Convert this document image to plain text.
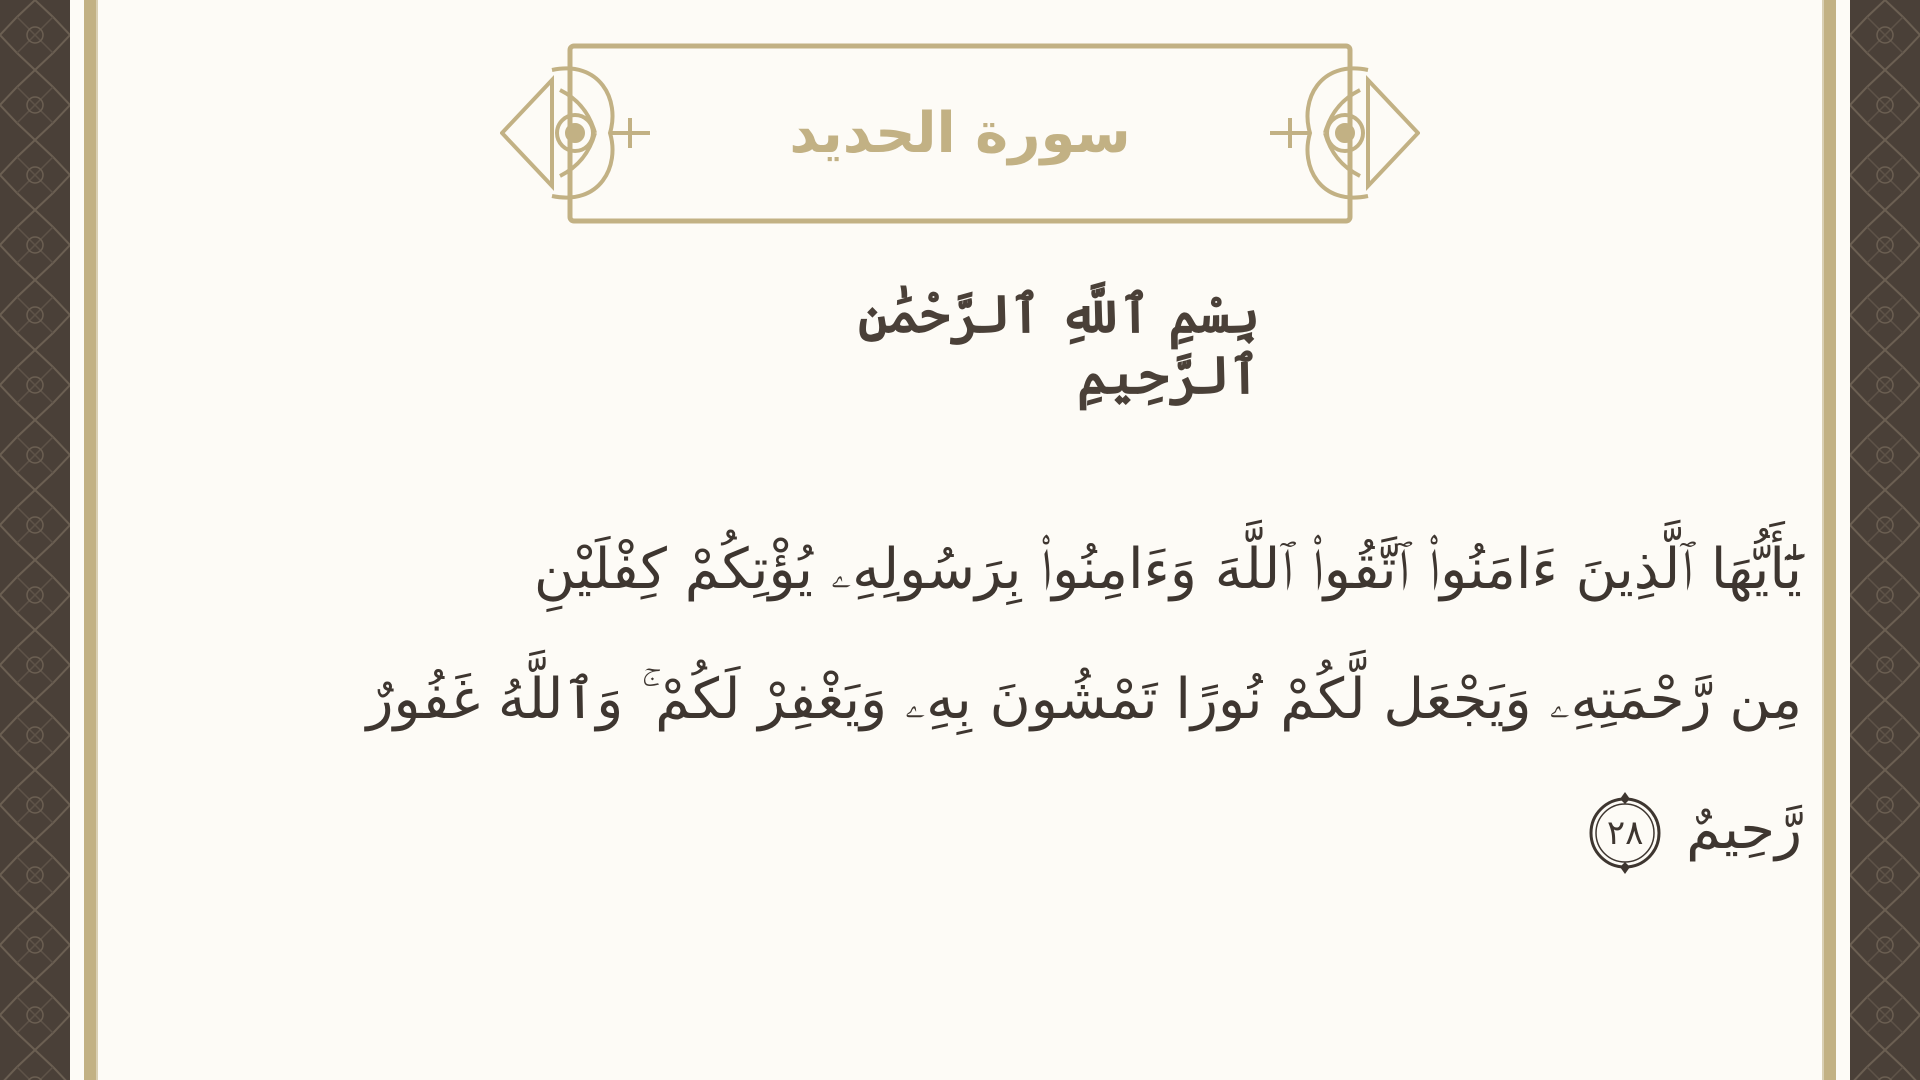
سورة الحديد
بِسْمِ ٱللَّهِ ٱلرَّحْمَٰنِ ٱلرَّحِيمِ
يَٰٓأَيُّهَا ٱلَّذِينَ ءَامَنُوا۟ ٱتَّقُوا۟ ٱللَّهَ وَءَامِنُوا۟ بِرَسُولِهِۦ يُؤْتِكُمْ كِفْلَيْنِ
مِن رَّحْمَتِهِۦ وَيَجْعَل لَّكُمْ نُورًا تَمْشُونَ بِهِۦ وَيَغْفِرْ لَكُمْ ۚ وَٱللَّهُ غَفُورٌ
رَّحِيمٌ
٢٨
